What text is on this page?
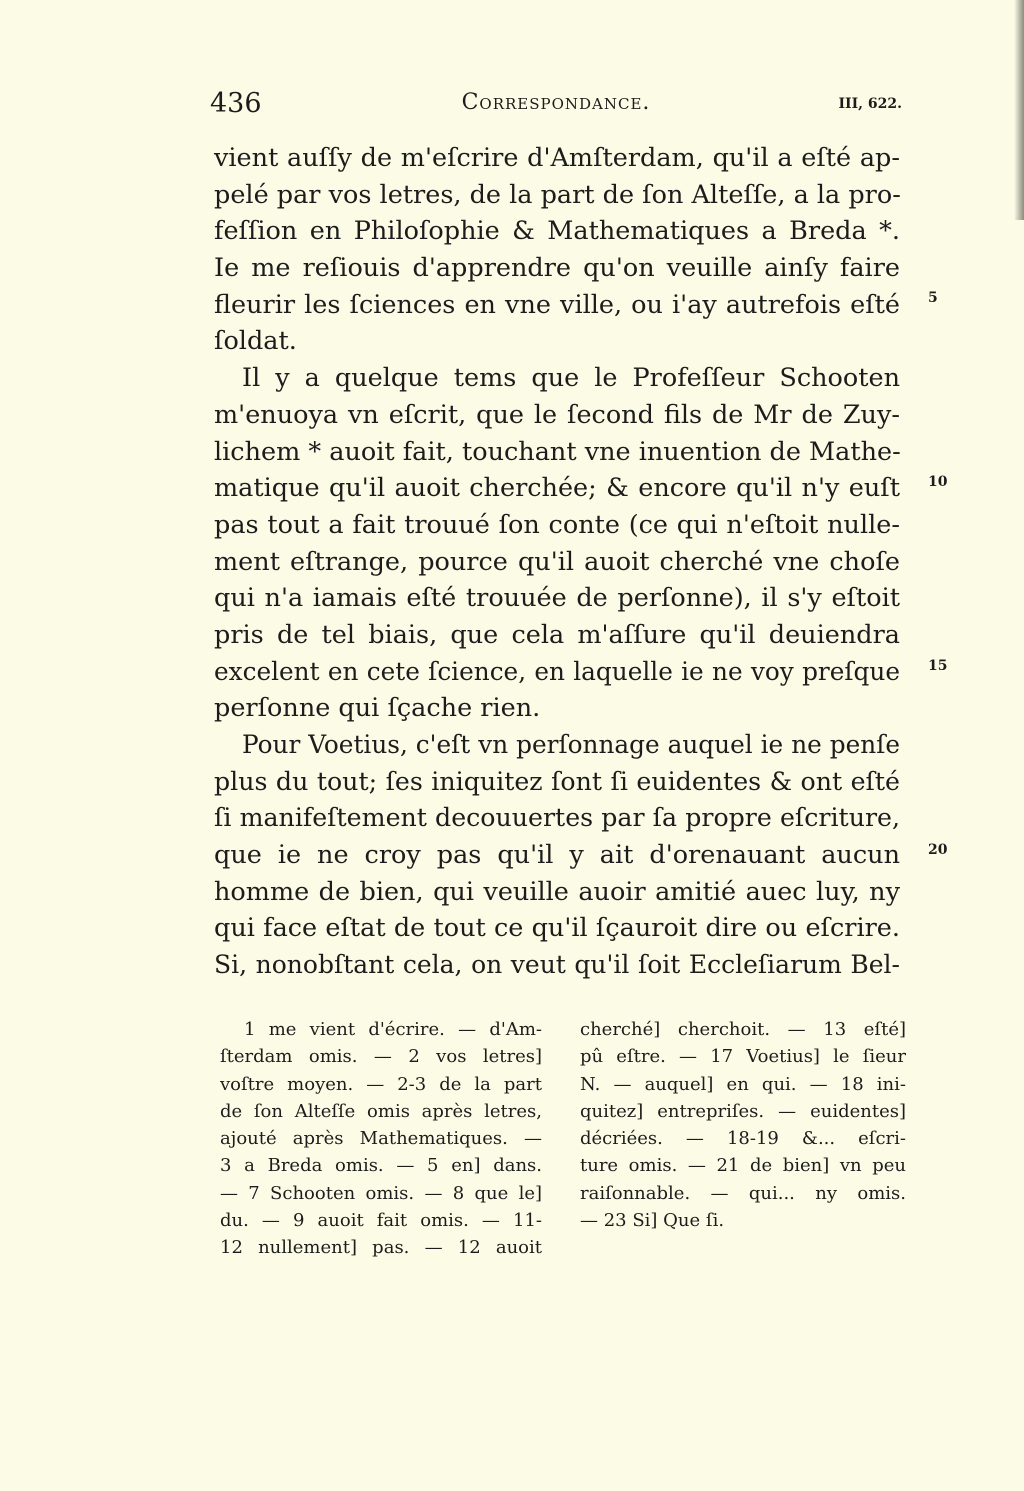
436	Correspondance.	III, 622.
vient auſſy de m'eſcrire d'Amſterdam, qu'il a eſté ap-
pelé par vos letres, de la part de ſon Alteſſe, a la pro-
feſſion en Philoſophie & Mathematiques a Breda *.
Ie me reſiouis d'apprendre qu'on veuille ainſy faire
fleurir les ſciences en vne ville, ou i'ay autrefois eſté
ſoldat.
Il y a quelque tems que le Profeſſeur Schooten
m'enuoya vn eſcrit, que le ſecond fils de Mr de Zuy-
lichem * auoit fait, touchant vne inuention de Mathe-
matique qu'il auoit cherchée; & encore qu'il n'y euſt
pas tout a fait trouué ſon conte (ce qui n'eſtoit nulle-
ment eſtrange, pource qu'il auoit cherché vne choſe
qui n'a iamais eſté trouuée de perſonne), il s'y eſtoit
pris de tel biais, que cela m'aſſure qu'il deuiendra
excelent en cete ſcience, en laquelle ie ne voy preſque
perſonne qui ſçache rien.
Pour Voetius, c'eſt vn perſonnage auquel ie ne penſe
plus du tout; ſes iniquitez ſont ſi euidentes & ont eſté
ſi manifeſtement decouuertes par ſa propre eſcriture,
que ie ne croy pas qu'il y ait d'orenauant aucun
homme de bien, qui veuille auoir amitié auec luy, ny
qui face eſtat de tout ce qu'il ſçauroit dire ou eſcrire.
Si, nonobſtant cela, on veut qu'il ſoit Eccleſiarum Bel-
5
10
15
20
1 me vient d'écrire. — d'Am-
ſterdam omis. — 2 vos letres]
voſtre moyen. — 2-3 de la part
de ſon Alteſſe omis après letres,
ajouté après Mathematiques. —
3 a Breda omis. — 5 en] dans.
— 7 Schooten omis. — 8 que le]
du. — 9 auoit fait omis. — 11-
12 nullement] pas. — 12 auoit
cherché] cherchoit. — 13 eſté]
pû eſtre. — 17 Voetius] le ſieur
N. — auquel] en qui. — 18 ini-
quitez] entrepriſes. — euidentes]
décriées. — 18-19 &... eſcri-
ture omis. — 21 de bien] vn peu
raiſonnable. — qui... ny omis.
— 23 Si] Que ſi.
